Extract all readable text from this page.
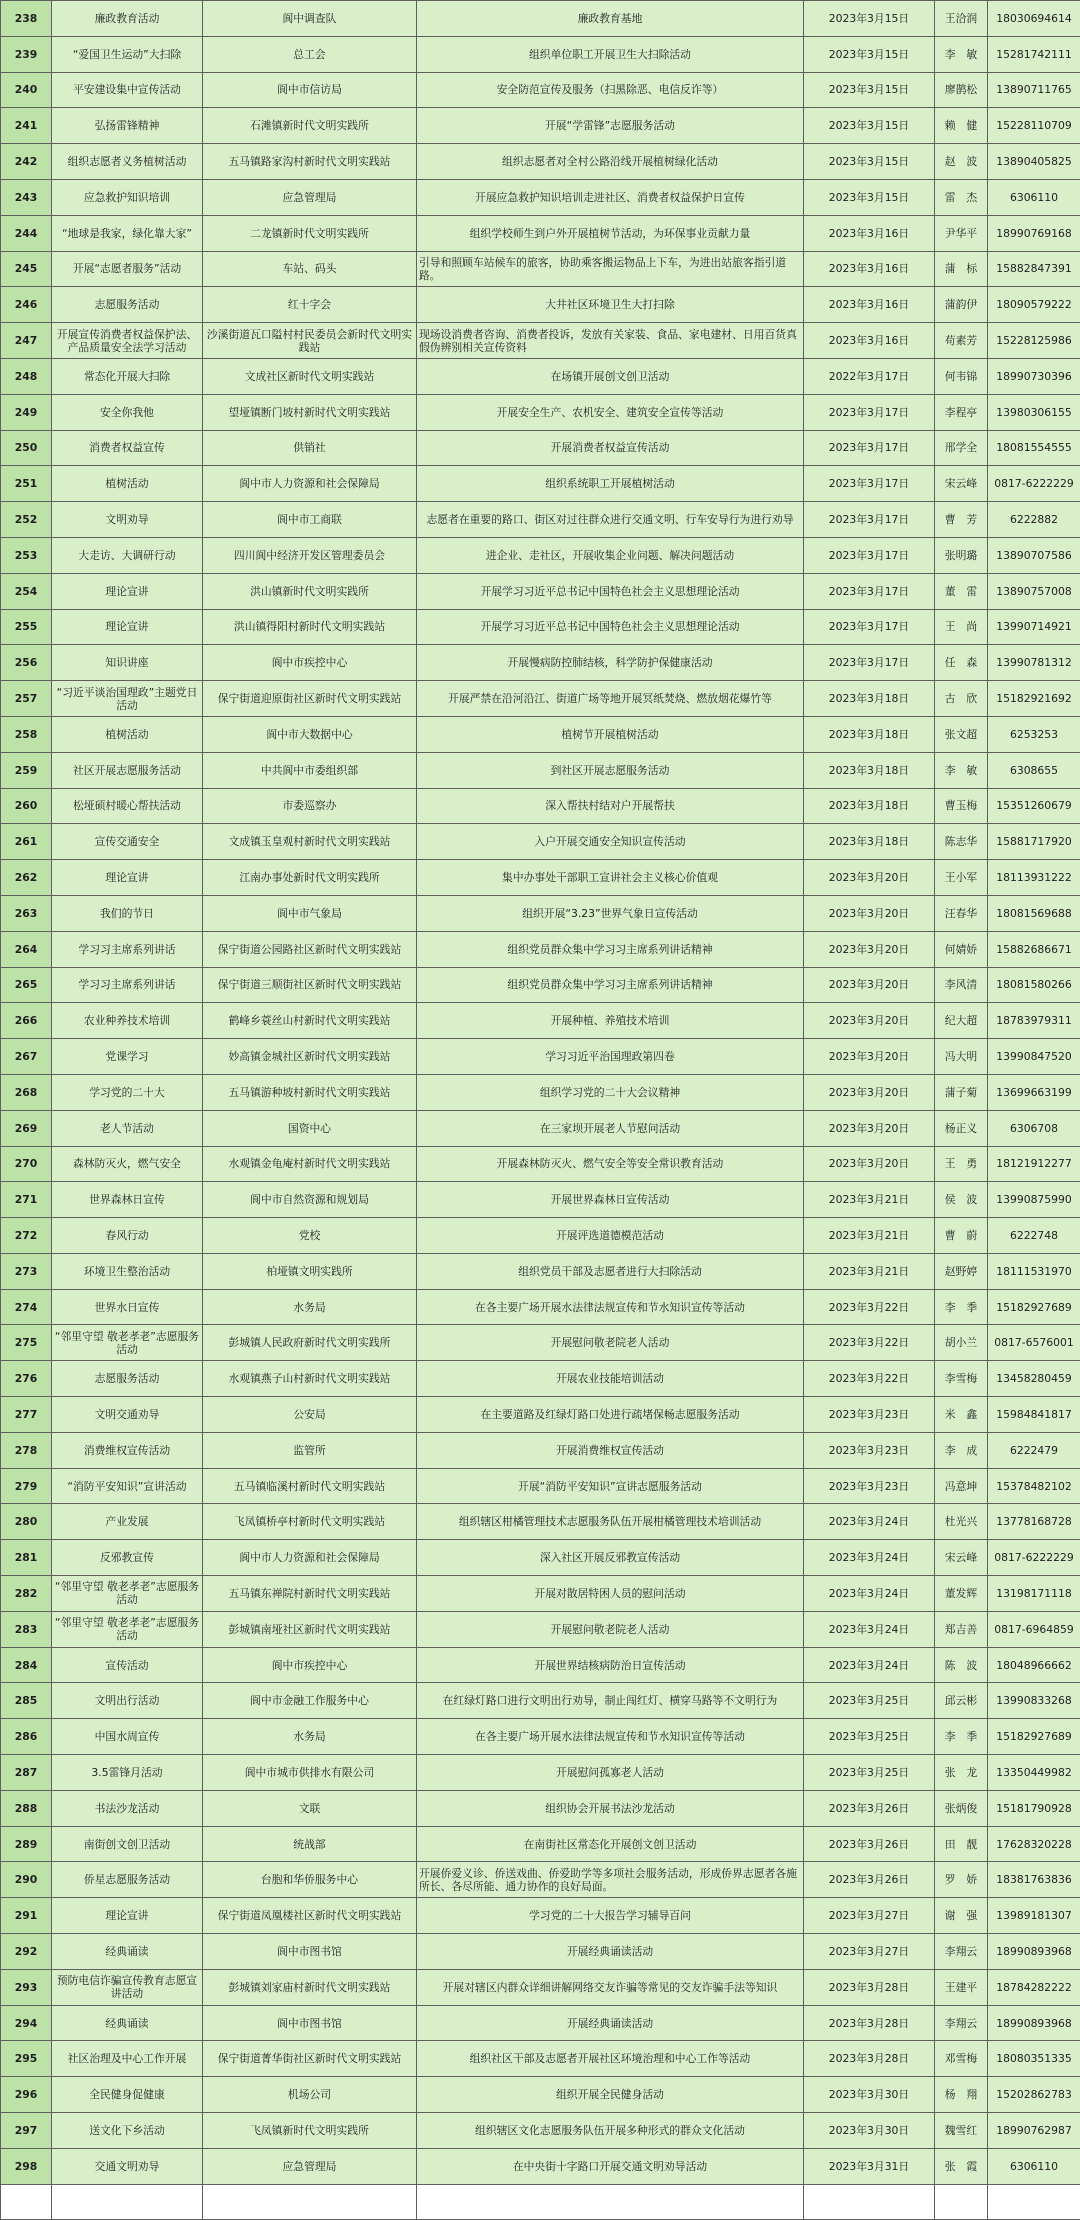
238	廉政教育活动	阆中调查队	廉政教育基地	2023年3月15日	王洽润	18030694614
239	“爱国卫生运动”大扫除	总工会	组织单位职工开展卫生大扫除活动	2023年3月15日	李　敏	15281742111
240	平安建设集中宣传活动	阆中市信访局	安全防范宣传及服务（扫黑除恶、电信反诈等）	2023年3月15日	廖鹊松	13890711765
241	弘扬雷锋精神	石滩镇新时代文明实践所	开展“学雷锋”志愿服务活动	2023年3月15日	赖　健	15228110709
242	组织志愿者义务植树活动	五马镇路家沟村新时代文明实践站	组织志愿者对全村公路沿线开展植树绿化活动	2023年3月15日	赵　波	13890405825
243	应急救护知识培训	应急管理局	开展应急救护知识培训走进社区、消费者权益保护日宣传	2023年3月15日	雷　杰	6306110
244	“地球是我家，绿化靠大家”	二龙镇新时代文明实践所	组织学校师生到户外开展植树节活动，为环保事业贡献力量	2023年3月16日	尹华平	18990769168
245	开展“志愿者服务”活动	车站、码头	引导和照顾车站候车的旅客，协助乘客搬运物品上下车，为进出站旅客指引道路。	2023年3月16日	蒲　标	15882847391
246	志愿服务活动	红十字会	大井社区环境卫生大打扫除	2023年3月16日	蒲韵伊	18090579222
247	开展宣传消费者权益保护法、产品质量安全法学习活动	沙溪街道瓦口隘村村民委员会新时代文明实践站	现场设消费者咨询、消费者投诉，发放有关家装、食品、家电建材、日用百货真假伪辨别相关宣传资料	2023年3月16日	苟素芳	15228125986
248	常态化开展大扫除	文成社区新时代文明实践站	在场镇开展创文创卫活动	2022年3月17日	何韦锦	18990730396
249	安全你我他	望垭镇断门坡村新时代文明实践站	开展安全生产、农机安全、建筑安全宣传等活动	2023年3月17日	李程亭	13980306155
250	消费者权益宣传	供销社	开展消费者权益宣传活动	2023年3月17日	邢学全	18081554555
251	植树活动	阆中市人力资源和社会保障局	组织系统职工开展植树活动	2023年3月17日	宋云峰	0817-6222229
252	文明劝导	阆中市工商联	志愿者在重要的路口、街区对过往群众进行交通文明、行车安导行为进行劝导	2023年3月17日	曹　芳	6222882
253	大走访、大调研行动	四川阆中经济开发区管理委员会	进企业、走社区，开展收集企业问题、解决问题活动	2023年3月17日	张明璐	13890707586
254	理论宣讲	洪山镇新时代文明实践所	开展学习习近平总书记中国特色社会主义思想理论活动	2023年3月17日	董　雷	13890757008
255	理论宣讲	洪山镇得阳村新时代文明实践站	开展学习习近平总书记中国特色社会主义思想理论活动	2023年3月17日	王　尚	13990714921
256	知识讲座	阆中市疾控中心	开展慢病防控肺结核，科学防护保健康活动	2023年3月17日	任　森	13990781312
257	“习近平谈治国理政”主题党日活动	保宁街道迎原街社区新时代文明实践站	开展严禁在沿河沿江、街道广场等地开展冥纸焚烧、燃放烟花爆竹等	2023年3月18日	古　欣	15182921692
258	植树活动	阆中市大数据中心	植树节开展植树活动	2023年3月18日	张文超	6253253
259	社区开展志愿服务活动	中共阆中市委组织部	到社区开展志愿服务活动	2023年3月18日	李　敏	6308655
260	松垭硕村暖心帮扶活动	市委巡察办	深入帮扶村结对户开展帮扶	2023年3月18日	曹玉梅	15351260679
261	宣传交通安全	文成镇玉皇观村新时代文明实践站	入户开展交通安全知识宣传活动	2023年3月18日	陈志华	15881717920
262	理论宣讲	江南办事处新时代文明实践所	集中办事处干部职工宣讲社会主义核心价值观	2023年3月20日	王小军	18113931222
263	我们的节日	阆中市气象局	组织开展“3.23”世界气象日宣传活动	2023年3月20日	汪春华	18081569688
264	学习习主席系列讲话	保宁街道公园路社区新时代文明实践站	组织党员群众集中学习习主席系列讲话精神	2023年3月20日	何婧娇	15882686671
265	学习习主席系列讲话	保宁街道三顺街社区新时代文明实践站	组织党员群众集中学习习主席系列讲话精神	2023年3月20日	李风清	18081580266
266	农业种养技术培训	鹤峰乡蓑丝山村新时代文明实践站	开展种植、养殖技术培训	2023年3月20日	纪大超	18783979311
267	党课学习	妙高镇金城社区新时代文明实践站	学习习近平治国理政第四卷	2023年3月20日	冯大明	13990847520
268	学习党的二十大	五马镇游种坡村新时代文明实践站	组织学习党的二十大会议精神	2023年3月20日	蒲子菊	13699663199
269	老人节活动	国资中心	在三家坝开展老人节慰问活动	2023年3月20日	杨正义	6306708
270	森林防灭火，燃气安全	水观镇金龟庵村新时代文明实践站	开展森林防灭火、燃气安全等安全常识教育活动	2023年3月20日	王　勇	18121912277
271	世界森林日宣传	阆中市自然资源和规划局	开展世界森林日宣传活动	2023年3月21日	侯　波	13990875990
272	春风行动	党校	开展评选道德模范活动	2023年3月21日	曹　蔚	6222748
273	环境卫生整治活动	柏垭镇文明实践所	组织党员干部及志愿者进行大扫除活动	2023年3月21日	赵野婷	18111531970
274	世界水日宣传	水务局	在各主要广场开展水法律法规宣传和节水知识宣传等活动	2023年3月22日	李　季	15182927689
275	“邻里守望 敬老孝老”志愿服务活动	彭城镇人民政府新时代文明实践所	开展慰问敬老院老人活动	2023年3月22日	胡小兰	0817-6576001
276	志愿服务活动	水观镇燕子山村新时代文明实践站	开展农业技能培训活动	2023年3月22日	李雪梅	13458280459
277	文明交通劝导	公安局	在主要道路及红绿灯路口处进行疏堵保畅志愿服务活动	2023年3月23日	米　鑫	15984841817
278	消费维权宣传活动	监管所	开展消费维权宣传活动	2023年3月23日	李　成	6222479
279	“消防平安知识”宣讲活动	五马镇临溪村新时代文明实践站	开展“消防平安知识”宣讲志愿服务活动	2023年3月23日	冯意坤	15378482102
280	产业发展	飞凤镇桥亭村新时代文明实践站	组织辖区柑橘管理技术志愿服务队伍开展柑橘管理技术培训活动	2023年3月24日	杜光兴	13778168728
281	反邪教宣传	阆中市人力资源和社会保障局	深入社区开展反邪教宣传活动	2023年3月24日	宋云峰	0817-6222229
282	“邻里守望 敬老孝老”志愿服务活动	五马镇东禅院村新时代文明实践站	开展对散居特困人员的慰问活动	2023年3月24日	董发辉	13198171118
283	“邻里守望 敬老孝老”志愿服务活动	彭城镇南垭社区新时代文明实践站	开展慰问敬老院老人活动	2023年3月24日	郑吉善	0817-6964859
284	宣传活动	阆中市疾控中心	开展世界结核病防治日宣传活动	2023年3月24日	陈　波	18048966662
285	文明出行活动	阆中市金融工作服务中心	在红绿灯路口进行文明出行劝导，制止闯红灯、横穿马路等不文明行为	2023年3月25日	邱云彬	13990833268
286	中国水周宣传	水务局	在各主要广场开展水法律法规宣传和节水知识宣传等活动	2023年3月25日	李　季	15182927689
287	3.5雷锋月活动	阆中市城市供排水有限公司	开展慰问孤寡老人活动	2023年3月25日	张　龙	13350449982
288	书法沙龙活动	文联	组织协会开展书法沙龙活动	2023年3月26日	张炳俊	15181790928
289	南街创文创卫活动	统战部	在南街社区常态化开展创文创卫活动	2023年3月26日	田　靓	17628320228
290	侨星志愿服务活动	台胞和华侨服务中心	开展侨爱义诊、侨送戏曲、侨爱助学等多项社会服务活动，形成侨界志愿者各施所长、各尽所能、通力协作的良好局面。	2023年3月26日	罗　娇	18381763836
291	理论宣讲	保宁街道凤凰楼社区新时代文明实践站	学习党的二十大报告学习辅导百问	2023年3月27日	谢　强	13989181307
292	经典诵读	阆中市图书馆	开展经典诵读活动	2023年3月27日	李翔云	18990893968
293	预防电信诈骗宣传教育志愿宣讲活动	彭城镇刘家庙村新时代文明实践站	开展对辖区内群众详细讲解网络交友诈骗等常见的交友诈骗手法等知识	2023年3月28日	王建平	18784282222
294	经典诵读	阆中市图书馆	开展经典诵读活动	2023年3月28日	李翔云	18990893968
295	社区治理及中心工作开展	保宁街道菁华街社区新时代文明实践站	组织社区干部及志愿者开展社区环境治理和中心工作等活动	2023年3月28日	邓雪梅	18080351335
296	全民健身促健康	机场公司	组织开展全民健身活动	2023年3月30日	杨　翔	15202862783
297	送文化下乡活动	飞凤镇新时代文明实践所	组织辖区文化志愿服务队伍开展多种形式的群众文化活动	2023年3月30日	魏雪红	18990762987
298	交通文明劝导	应急管理局	在中央街十字路口开展交通文明劝导活动	2023年3月31日	张　霞	6306110
